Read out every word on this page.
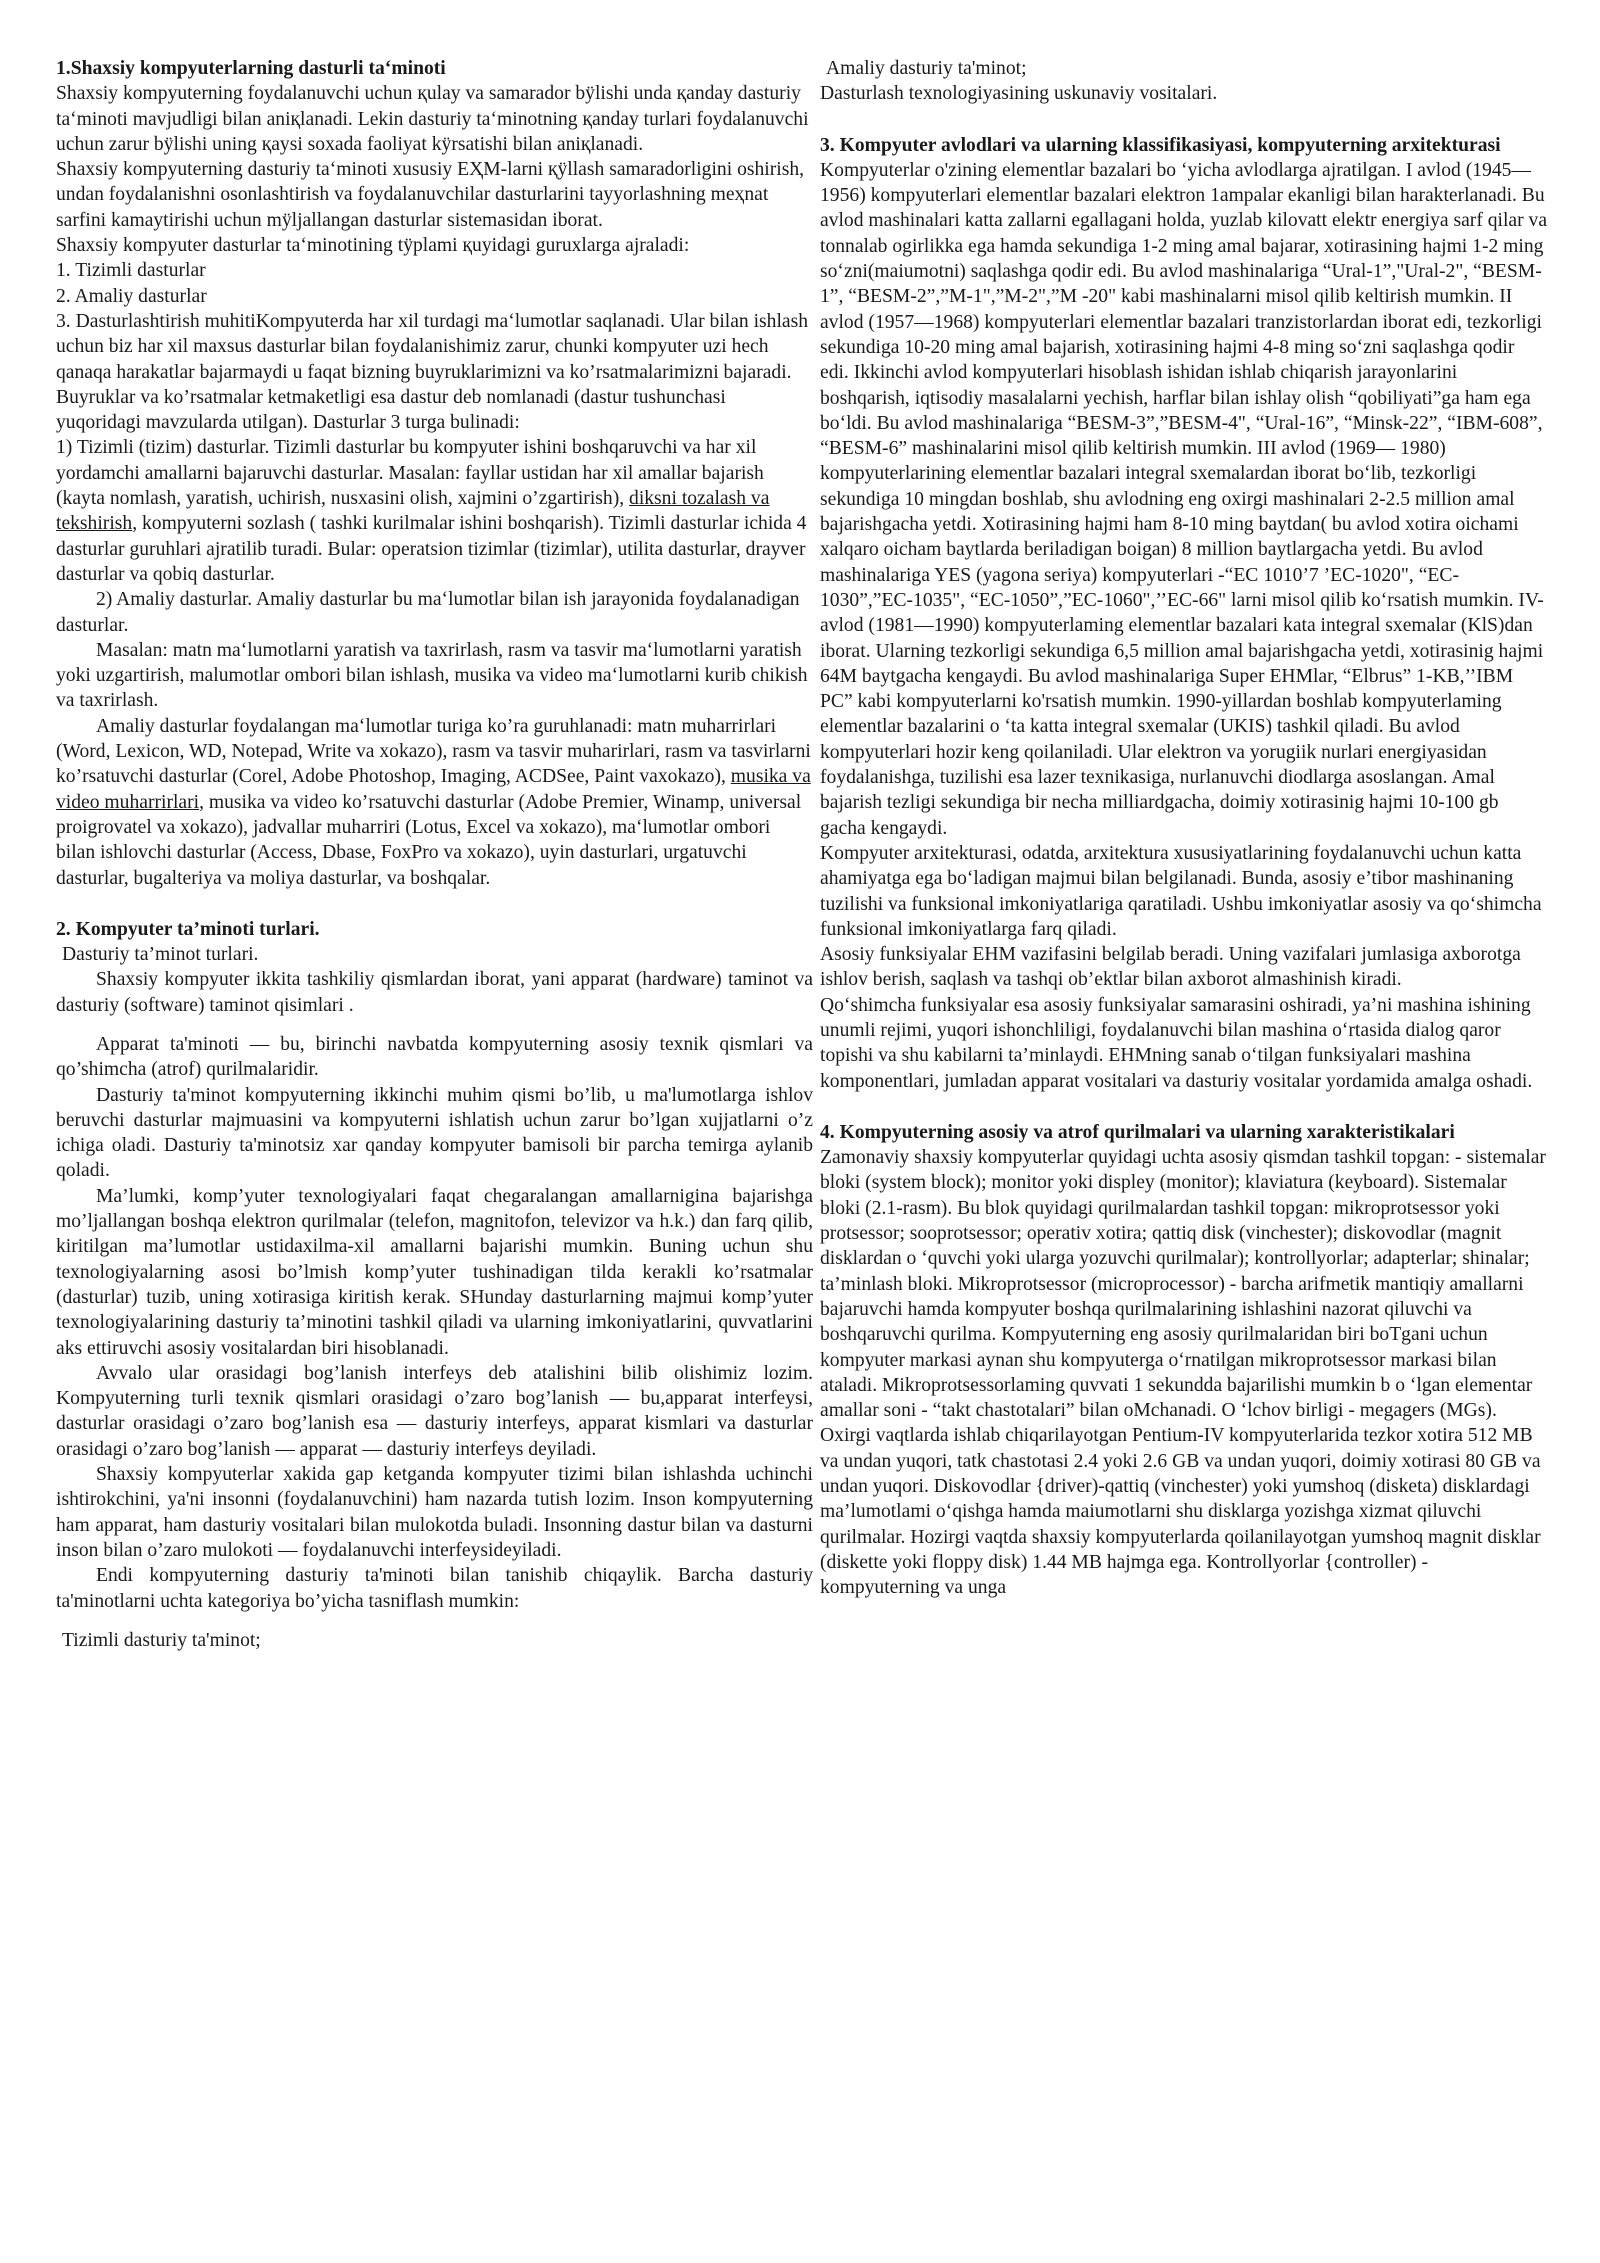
1.Shaxsiy kompyuterlarning dasturli ta‘minoti

Shaxsiy kompyuterning foydalanuvchi uchun қulay va samarador bÿlishi unda қanday dasturiy ta‘minoti mavjudligi bilan aniқlanadi. Lekin dasturiy ta‘minotning қanday turlari foydalanuvchi uchun zarur bÿlishi uning қaysi soxada faoliyat kÿrsatishi bilan aniқlanadi.

Shaxsiy kompyuterning dasturiy ta‘minoti xususiy EҲM-larni қÿllash samaradorligini oshirish, undan foydalanishni osonlashtirish va foydalanuvchilar dasturlarini tayyorlashning meҳnat sarfini kamaytirishi uchun mÿljallangan dasturlar sistemasidan iborat.

Shaxsiy kompyuter dasturlar ta‘minotining tÿplami қuyidagi guruxlarga ajraladi:

1. Tizimli dasturlar

2. Amaliy dasturlar

3. Dasturlashtirish muhitiKompyuterda har xil turdagi ma‘lumotlar saqlanadi. Ular bilan ishlash uchun biz har xil maxsus dasturlar bilan foydalanishimiz zarur, chunki kompyuter uzi hech qanaqa harakatlar bajarmaydi u faqat bizning buyruklarimizni va ko’rsatmalarimizni bajaradi. Buyruklar va ko’rsatmalar ketmaketligi esa dastur deb nomlanadi (dastur tushunchasi yuqoridagi mavzularda utilgan). Dasturlar 3 turga bulinadi:

1) Tizimli (tizim) dasturlar. Tizimli dasturlar bu kompyuter ishini boshqaruvchi va har xil yordamchi amallarni bajaruvchi dasturlar. Masalan: fayllar ustidan har xil amallar bajarish (kayta nomlash, yaratish, uchirish, nusxasini olish, xajmini o’zgartirish), diksni tozalash va tekshirish, kompyuterni sozlash ( tashki kurilmalar ishini boshqarish). Tizimli dasturlar ichida 4 dasturlar guruhlari ajratilib turadi. Bular: operatsion tizimlar (tizimlar), utilita dasturlar, drayver dasturlar va qobiq dasturlar.

2) Amaliy dasturlar. Amaliy dasturlar bu ma‘lumotlar bilan ish jarayonida foydalanadigan dasturlar.

Masalan: matn ma‘lumotlarni yaratish va taxrirlash, rasm va tasvir ma‘lumotlarni yaratish yoki uzgartirish, malumotlar ombori bilan ishlash, musika va video ma‘lumotlarni kurib chikish va taxrirlash.

Amaliy dasturlar foydalangan ma‘lumotlar turiga ko’ra guruhlanadi: matn muharrirlari (Word, Lexicon, WD, Notepad, Write va xokazo), rasm va tasvir muharirlari, rasm va tasvirlarni ko’rsatuvchi dasturlar (Corel, Adobe Photoshop, Imaging, ACDSee, Paint vaxokazo), musika va video muharrirlari, musika va video ko’rsatuvchi dasturlar (Adobe Premier, Winamp, universal proigrovatel va xokazo), jadvallar muharriri (Lotus, Excel va xokazo), ma‘lumotlar ombori bilan ishlovchi dasturlar (Access, Dbase, FoxPro va xokazo), uyin dasturlari, urgatuvchi dasturlar, bugalteriya va moliya dasturlar, va boshqalar.

2. Kompyuter ta’minoti turlari.

Dasturiy ta’minot turlari.

Shaxsiy kompyuter ikkita tashkiliy qismlardan iborat, yani apparat (hardware) taminot va dasturiy (software) taminot qisimlari .

Apparat ta'minoti — bu, birinchi navbatda kompyuterning asosiy texnik qismlari va qo’shimcha (atrof) qurilmalaridir.

Dasturiy ta'minot kompyuterning ikkinchi muhim qismi bo’lib, u ma'lumotlarga ishlov beruvchi dasturlar majmuasini va kompyuterni ishlatish uchun zarur bo’lgan xujjatlarni o’z ichiga oladi. Dasturiy ta'minotsiz xar qanday kompyuter bamisoli bir parcha temirga aylanib qoladi.

Ma’lumki, komp’yuter texnologiyalari faqat chegaralangan amallarnigina bajarishga mo’ljallangan boshqa elektron qurilmalar (telefon, magnitofon, televizor va h.k.) dan farq qilib, kiritilgan ma’lumotlar ustidaxilma-xil amallarni bajarishi mumkin. Buning uchun shu texnologiyalarning asosi bo’lmish komp’yuter tushinadigan tilda kerakli ko’rsatmalar (dasturlar) tuzib, uning xotirasiga kiritish kerak. SHunday dasturlarning majmui komp’yuter texnologiyalarining dasturiy ta’minotini tashkil qiladi va ularning imkoniyatlarini, quvvatlarini aks ettiruvchi asosiy vositalardan biri hisoblanadi.

Avvalo ular orasidagi bog’lanish interfeys deb atalishini bilib olishimiz lozim. Kompyuterning turli texnik qismlari orasidagi o’zaro bog’lanish — bu,apparat interfeysi, dasturlar orasidagi o’zaro bog’lanish esa — dasturiy interfeys, apparat kismlari va dasturlar orasidagi o’zaro bog’lanish — apparat — dasturiy interfeys deyiladi.

Shaxsiy kompyuterlar xakida gap ketganda kompyuter tizimi bilan ishlashda uchinchi ishtirokchini, ya'ni insonni (foydalanuvchini) ham nazarda tutish lozim. Inson kompyuterning ham apparat, ham dasturiy vositalari bilan mulokotda buladi. Insonning dastur bilan va dasturni inson bilan o’zaro mulokoti — foydalanuvchi interfeysideyiladi.

Endi kompyuterning dasturiy ta'minoti bilan tanishib chiqaylik. Barcha dasturiy ta'minotlarni uchta kategoriya bo’yicha tasniflash mumkin:

Tizimli dasturiy ta'minot;

Amaliy dasturiy ta'minot;

Dasturlash texnologiyasining uskunaviy vositalari.

3. Kompyuter avlodlari va ularning klassifikasiyasi, kompyuterning arxitekturasi

Kompyuterlar o'zining elementlar bazalari bo ‘yicha avlodlarga ajratilgan. I avlod (1945— 1956) kompyuterlari elementlar bazalari elektron 1ampalar ekanligi bilan harakterlanadi. Bu avlod mashinalari katta zallarni egallagani holda, yuzlab kilovatt elektr energiya sarf qilar va tonnalab ogirlikka ega hamda sekundiga 1-2 ming amal bajarar, xotirasining hajmi 1-2 ming so‘zni(maiumotni) saqlashga qodir edi. Bu avlod mashinalariga “Ural-1”,"Ural-2", “BESM-1”, “BESM-2”,”M-1",”M-2",”M -20" kabi mashinalarni misol qilib keltirish mumkin. II avlod (1957—1968) kompyuterlari elementlar bazalari tranzistorlardan iborat edi, tezkorligi sekundiga 10-20 ming amal bajarish, xotirasining hajmi 4-8 ming so‘zni saqlashga qodir edi. Ikkinchi avlod kompyuterlari hisoblash ishidan ishlab chiqarish jarayonlarini boshqarish, iqtisodiy masalalarni yechish, harflar bilan ishlay olish “qobiliyati”ga ham ega bo‘ldi. Bu avlod mashinalariga “BESM-3”,”BESM-4", “Ural-16”, “Minsk-22”, “IBM-608”, “BESM-6” mashinalarini misol qilib keltirish mumkin. III avlod (1969— 1980) kompyuterlarining elementlar bazalari integral sxemalardan iborat bo‘lib, tezkorligi sekundiga 10 mingdan boshlab, shu avlodning eng oxirgi mashinalari 2-2.5 million amal bajarishgacha yetdi. Xotirasining hajmi ham 8-10 ming baytdan( bu avlod xotira oichami xalqaro oicham baytlarda beriladigan boigan) 8 million baytlargacha yetdi. Bu avlod mashinalariga YES (yagona seriya) kompyuterlari -“EC 1010’7 ’EC-1020", “EC-1030”,”EC-1035", “EC-1050”,”EC-1060",’’EC-66" larni misol qilib ko‘rsatish mumkin. IV- avlod (1981—1990) kompyuterlaming elementlar bazalari kata integral sxemalar (KlS)dan iborat. Ularning tezkorligi sekundiga 6,5 million amal bajarishgacha yetdi, xotirasinig hajmi 64M baytgacha kengaydi. Bu avlod mashinalariga Super EHMlar, “Elbrus” 1-KB,’’IBM PC” kabi kompyuterlarni ko'rsatish mumkin. 1990-yillardan boshlab kompyuterlaming elementlar bazalarini o ‘ta katta integral sxemalar (UKIS) tashkil qiladi. Bu avlod kompyuterlari hozir keng qoilaniladi. Ular elektron va yorugiik nurlari energiyasidan foydalanishga, tuzilishi esa lazer texnikasiga, nurlanuvchi diodlarga asoslangan. Amal bajarish tezligi sekundiga bir necha milliardgacha, doimiy xotirasinig hajmi 10-100 gb gacha kengaydi.

Kompyuter arxitekturasi, odatda, arxitektura xususiyatlarining foydalanuvchi uchun katta ahamiyatga ega bo‘ladigan majmui bilan belgilanadi. Bunda, asosiy e’tibor mashinaning tuzilishi va funksional imkoniyatlariga qaratiladi. Ushbu imkoniyatlar asosiy va qo‘shimcha funksional imkoniyatlarga farq qiladi.

Asosiy funksiyalar EHM vazifasini belgilab beradi. Uning vazifalari jumlasiga axborotga ishlov berish, saqlash va tashqi ob’ektlar bilan axborot almashinish kiradi.

Qo‘shimcha funksiyalar esa asosiy funksiyalar samarasini oshiradi, ya’ni mashina ishining unumli rejimi, yuqori ishonchliligi, foydalanuvchi bilan mashina o‘rtasida dialog qaror topishi va shu kabilarni ta’minlaydi. EHMning sanab o‘tilgan funksiyalari mashina komponentlari, jumladan apparat vositalari va dasturiy vositalar yordamida amalga oshadi.

4. Kompyuterning asosiy va atrof qurilmalari va ularning xarakteristikalari

Zamonaviy shaxsiy kompyuterlar quyidagi uchta asosiy qismdan tashkil topgan: - sistemalar bloki (system block); monitor yoki displey (monitor); klaviatura (keyboard). Sistemalar bloki (2.1-rasm). Bu blok quyidagi qurilmalardan tashkil topgan: mikroprotsessor yoki protsessor; sooprotsessor; operativ xotira; qattiq disk (vinchester); diskovodlar (magnit disklardan o ‘quvchi yoki ularga yozuvchi qurilmalar); kontrollyorlar; adapterlar; shinalar; ta’minlash bloki. Mikroprotsessor (microprocessor) - barcha arifmetik mantiqiy amallarni bajaruvchi hamda kompyuter boshqa qurilmalarining ishlashini nazorat qiluvchi va boshqaruvchi qurilma. Kompyuterning eng asosiy qurilmalaridan biri boTgani uchun kompyuter markasi aynan shu kompyuterga o‘rnatilgan mikroprotsessor markasi bilan ataladi. Mikroprotsessorlaming quvvati 1 sekundda bajarilishi mumkin b o ‘lgan elementar amallar soni - “takt chastotalari” bilan oMchanadi. O ‘lchov birligi - megagers (MGs). Oxirgi vaqtlarda ishlab chiqarilayotgan Pentium-IV kompyuterlarida tezkor xotira 512 MB va undan yuqori, tatk chastotasi 2.4 yoki 2.6 GB va undan yuqori, doimiy xotirasi 80 GB va undan yuqori. Diskovodlar {driver)-qattiq (vinchester) yoki yumshoq (disketa) disklardagi

ma’lumotlami o‘qishga hamda maiumotlarni shu disklarga yozishga xizmat qiluvchi qurilmalar. Hozirgi vaqtda shaxsiy kompyuterlarda qoilanilayotgan yumshoq magnit disklar (diskette yoki floppy disk) 1.44 MB hajmga ega. Kontrollyorlar {controller) - kompyuterning va unga
